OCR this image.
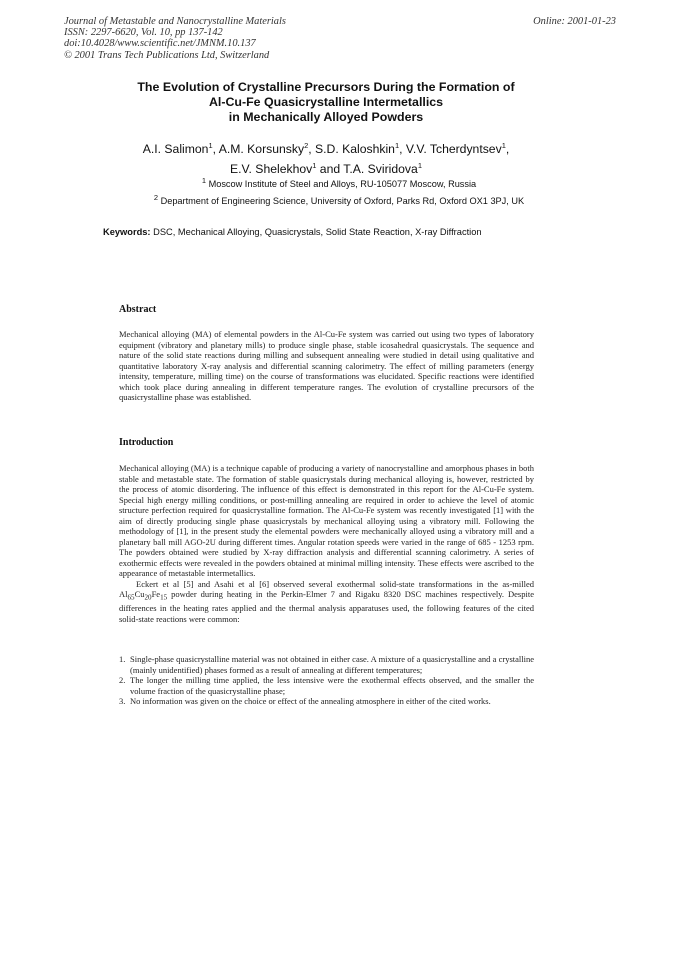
Journal of Metastable and Nanocrystalline Materials
ISSN: 2297-6620, Vol. 10, pp 137-142
doi:10.4028/www.scientific.net/JMNM.10.137
© 2001 Trans Tech Publications Ltd, Switzerland
Online: 2001-01-23
The Evolution of Crystalline Precursors During the Formation of
Al-Cu-Fe Quasicrystalline Intermetallics
in Mechanically Alloyed Powders
A.I. Salimon$^1$, A.M. Korsunsky$^2$, S.D. Kaloshkin$^1$, V.V. Tcherdyntsev$^1$,
E.V. Shelekhov$^1$ and T.A. Sviridova$^1$
$^1$ Moscow Institute of Steel and Alloys, RU-105077 Moscow, Russia
$^2$ Department of Engineering Science, University of Oxford, Parks Rd, Oxford OX1 3PJ, UK
Keywords: DSC, Mechanical Alloying, Quasicrystals, Solid State Reaction, X-ray Diffraction
Abstract

Mechanical alloying (MA) of elemental powders in the Al-Cu-Fe system was carried out using two types of laboratory equipment (vibratory and planetary mills) to produce single phase, stable icosahedral quasicrystals. The sequence and nature of the solid state reactions during milling and subsequent annealing were studied in detail using qualitative and quantitative laboratory X-ray analysis and differential scanning calorimetry. The effect of milling parameters (energy intensity, temperature, milling time) on the course of transformations was elucidated. Specific reactions were identified which took place during annealing in different temperature ranges. The evolution of crystalline precursors of the quasicrystalline phase was established.

Introduction

Mechanical alloying (MA) is a technique capable of producing a variety of nanocrystalline and amorphous phases in both stable and metastable state. The formation of stable quasicrystals during mechanical alloying is, however, restricted by the process of atomic disordering. The influence of this effect is demonstrated in this report for the Al-Cu-Fe system. Special high energy milling conditions, or post-milling annealing are required in order to achieve the level of atomic structure perfection required for quasicrystalline formation. The Al-Cu-Fe system was recently investigated [1] with the aim of directly producing single phase quasicrystals by mechanical alloying using a vibratory mill. Following the methodology of [1], in the present study the elemental powders were mechanically alloyed using a vibratory mill and a planetary ball mill AGO-2U during different times. Angular rotation speeds were varied in the range of 685 - 1253 rpm. The powders obtained were studied by X-ray diffraction analysis and differential scanning calorimetry. A series of exothermic effects were revealed in the powders obtained at minimal milling intensity. These effects were ascribed to the appearance of metastable intermetallics.

Eckert et al [5] and Asahi et al [6] observed several exothermal solid-state transformations in the as-milled $Al_{65}Cu_{20}Fe_{15}$ powder during heating in the Perkin-Elmer 7 and Rigaku 8320 DSC machines respectively. Despite differences in the heating rates applied and the thermal analysis apparatuses used, the following features of the cited solid-state reactions were common:

1. Single-phase quasicrystalline material was not obtained in either case. A mixture of a quasicrystalline and a crystalline (mainly unidentified) phases formed as a result of annealing at different temperatures;
2. The longer the milling time applied, the less intensive were the exothermal effects observed, and the smaller the volume fraction of the quasicrystalline phase;
3. No information was given on the choice or effect of the annealing atmosphere in either of the cited works.
